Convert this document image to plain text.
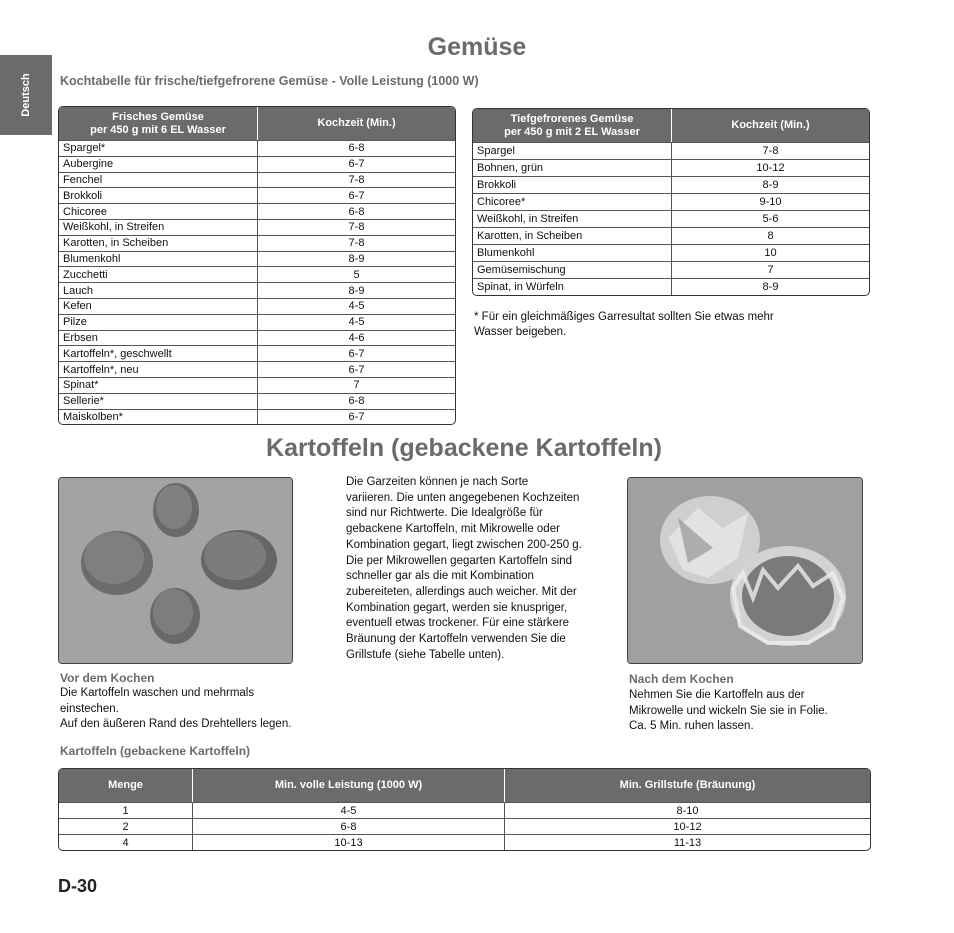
Deutsch
Gemüse
Kochtabelle für frische/tiefgefrorene Gemüse - Volle Leistung (1000 W)
Frisches Gemüse
per 450 g mit 6 EL Wasser	Kochzeit (Min.)
Spargel*	6-8
Aubergine	6-7
Fenchel	7-8
Brokkoli	6-7
Chicoree	6-8
Weißkohl, in Streifen	7-8
Karotten, in Scheiben	7-8
Blumenkohl	8-9
Zucchetti	5
Lauch	8-9
Kefen	4-5
Pilze	4-5
Erbsen	4-6
Kartoffeln*, geschwellt	6-7
Kartoffeln*, neu	6-7
Spinat*	7
Sellerie*	6-8
Maiskolben*	6-7
Tiefgefrorenes Gemüse
per 450 g mit 2 EL Wasser	Kochzeit (Min.)
Spargel	7-8
Bohnen, grün	10-12
Brokkoli	8-9
Chicoree*	9-10
Weißkohl, in Streifen	5-6
Karotten, in Scheiben	8
Blumenkohl	10
Gemüsemischung	7
Spinat, in Würfeln	8-9
* Für ein gleichmäßiges Garresultat sollten Sie etwas mehr
Wasser beigeben.
Kartoffeln (gebackene Kartoffeln)
Die Garzeiten können je nach Sorte
variieren. Die unten angegebenen Kochzeiten
sind nur Richtwerte. Die Idealgröße für
gebackene Kartoffeln, mit Mikrowelle oder
Kombination gegart, liegt zwischen 200-250 g.
Die per Mikrowellen gegarten Kartoffeln sind
schneller gar als die mit Kombination
zubereiteten, allerdings auch weicher. Mit der
Kombination gegart, werden sie knuspriger,
eventuell etwas trockener. Für eine stärkere
Bräunung der Kartoffeln verwenden Sie die
Grillstufe (siehe Tabelle unten).
Vor dem Kochen
Die Kartoffeln waschen und mehrmals
einstechen.
Auf den äußeren Rand des Drehtellers legen.
Nach dem Kochen
Nehmen Sie die Kartoffeln aus der
Mikrowelle und wickeln Sie sie in Folie.
Ca. 5 Min. ruhen lassen.
Kartoffeln (gebackene Kartoffeln)
Menge	Min. volle Leistung (1000 W)	Min. Grillstufe (Bräunung)
1	4-5	8-10
2	6-8	10-12
4	10-13	11-13
D-30
